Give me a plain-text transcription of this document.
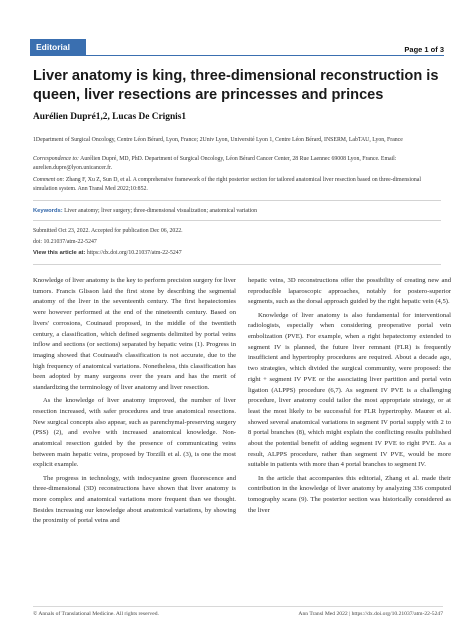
Editorial	Page 1 of 3
Liver anatomy is king, three-dimensional reconstruction is queen, liver resections are princesses and princes
Aurélien Dupré1,2, Lucas De Crignis1
1Department of Surgical Oncology, Centre Léon Bérard, Lyon, France; 2Univ Lyon, Université Lyon 1, Centre Léon Bérard, INSERM, LabTAU, Lyon, France
Correspondence to: Aurélien Dupré, MD, PhD. Department of Surgical Oncology, Léon Bérard Cancer Center, 28 Rue Laennec 69008 Lyon, France. Email: aurelien.dupre@lyon.unicancer.fr.
Comment on: Zhang F, Xu Z, Sun D, et al. A comprehensive framework of the right posterior section for tailored anatomical liver resection based on three-dimensional simulation system. Ann Transl Med 2022;10:852.
Keywords: Liver anatomy; liver surgery; three-dimensional visualization; anatomical variation
Submitted Oct 23, 2022. Accepted for publication Dec 06, 2022.
doi: 10.21037/atm-22-5247
View this article at: https://dx.doi.org/10.21037/atm-22-5247

Knowledge of liver anatomy is the key to perform precision surgery for liver tumors. Francis Glisson laid the first stone by describing the segmental anatomy of the liver in the seventeenth century. The first hepatectomies were however performed at the end of the nineteenth century. Based on livers' corrosions, Couinaud proposed, in the middle of the twentieth century, a classification, which defined segments delimited by portal veins inflow and sections (or sections) separated by hepatic veins (1). Progress in imaging showed that Couinaud's classification is not accurate, due to the high frequency of anatomical variations. Nonetheless, this classification has been adopted by many surgeons over the years and has the merit of standardizing the terminology of liver anatomy and liver resection.

As the knowledge of liver anatomy improved, the number of liver resection increased, with safer procedures and true anatomical resections. New surgical concepts also appear, such as parenchymal-preserving surgery (PSS) (2), and evolve with increased anatomical knowledge. Non-anatomical resection guided by the presence of communicating veins between main hepatic veins, proposed by Torzilli et al. (3), is one the most explicit example.

The progress in technology, with indocyanine green fluorescence and three-dimensional (3D) reconstructions have shown that liver anatomy is more complex and anatomical variations more frequent than we thought. Besides increasing our knowledge about anatomical variations, by showing the proximity of portal veins and

hepatic veins, 3D reconstructions offer the possibility of creating new and reproducible laparoscopic approaches, notably for postero-superior segments, such as the dorsal approach guided by the right hepatic vein (4,5).

Knowledge of liver anatomy is also fundamental for interventional radiologists, especially when considering preoperative portal vein embolization (PVE). For example, when a right hepatectomy extended to segment IV is planned, the future liver remnant (FLR) is frequently insufficient and hypertrophy procedures are required. About a decade ago, two strategies, which divided the surgical community, were proposed: the right + segment IV PVE or the associating liver partition and portal vein ligation (ALPPS) procedure (6,7). As segment IV PVE is a challenging procedure, liver anatomy could tailor the most appropriate strategy, or at least the most likely to be successful for FLR hypertrophy. Maurer et al. showed several anatomical variations in segment IV portal supply with 2 to 8 portal branches (8), which might explain the conflicting results published about the potential benefit of adding segment IV PVE to right PVE. As a result, ALPPS procedure, rather than segment IV PVE, would be more suitable in patients with more than 4 portal branches to segment IV.

In the article that accompanies this editorial, Zhang et al. made their contribution in the knowledge of liver anatomy by analyzing 336 computed tomography scans (9). The posterior section was historically considered as the liver

© Annals of Translational Medicine. All rights reserved.	Ann Transl Med 2022 | https://dx.doi.org/10.21037/atm-22-5247
